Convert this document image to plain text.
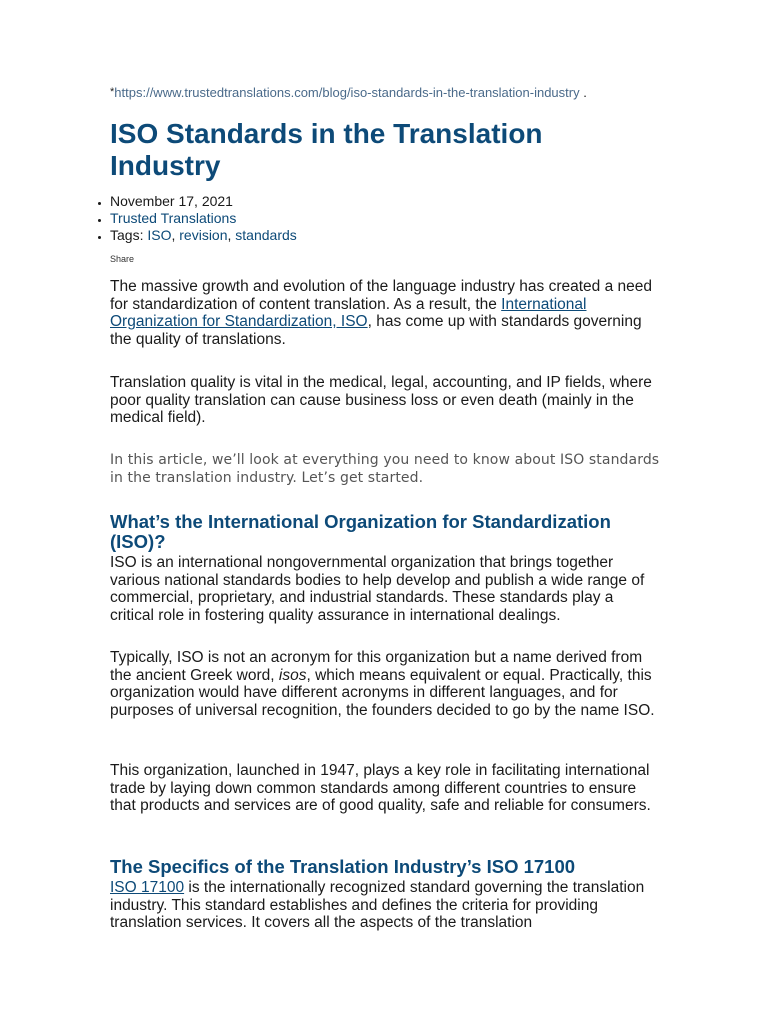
*https://www.trustedtranslations.com/blog/iso-standards-in-the-translation-industry .
ISO Standards in the Translation Industry
• November 17, 2021
• Trusted Translations
• Tags: ISO, revision, standards
Share

The massive growth and evolution of the language industry has created a need for standardization of content translation. As a result, the International Organization for Standardization, ISO, has come up with standards governing the quality of translations.

Translation quality is vital in the medical, legal, accounting, and IP fields, where poor quality translation can cause business loss or even death (mainly in the medical field).

In this article, we’ll look at everything you need to know about ISO standards in the translation industry. Let’s get started.

What’s the International Organization for Standardization (ISO)?

ISO is an international nongovernmental organization that brings together various national standards bodies to help develop and publish a wide range of commercial, proprietary, and industrial standards. These standards play a critical role in fostering quality assurance in international dealings.

Typically, ISO is not an acronym for this organization but a name derived from the ancient Greek word, isos, which means equivalent or equal. Practically, this organization would have different acronyms in different languages, and for purposes of universal recognition, the founders decided to go by the name ISO.

This organization, launched in 1947, plays a key role in facilitating international trade by laying down common standards among different countries to ensure that products and services are of good quality, safe and reliable for consumers.

The Specifics of the Translation Industry’s ISO 17100

ISO 17100 is the internationally recognized standard governing the translation industry. This standard establishes and defines the criteria for providing translation services. It covers all the aspects of the translation
